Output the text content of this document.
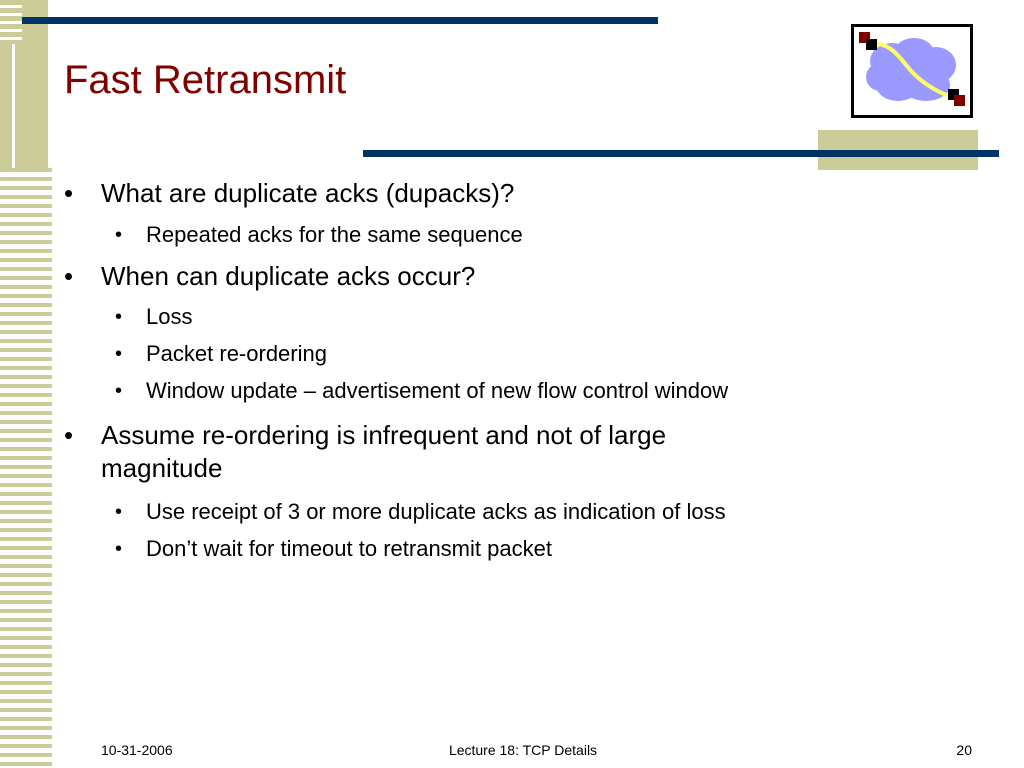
Fast Retransmit
• What are duplicate acks (dupacks)?
• Repeated acks for the same sequence
• When can duplicate acks occur?
• Loss
• Packet re-ordering
• Window update – advertisement of new flow control window
• Assume re-ordering is infrequent and not of large
magnitude
• Use receipt of 3 or more duplicate acks as indication of loss
• Don’t wait for timeout to retransmit packet
10-31-2006	Lecture 18: TCP Details	20
